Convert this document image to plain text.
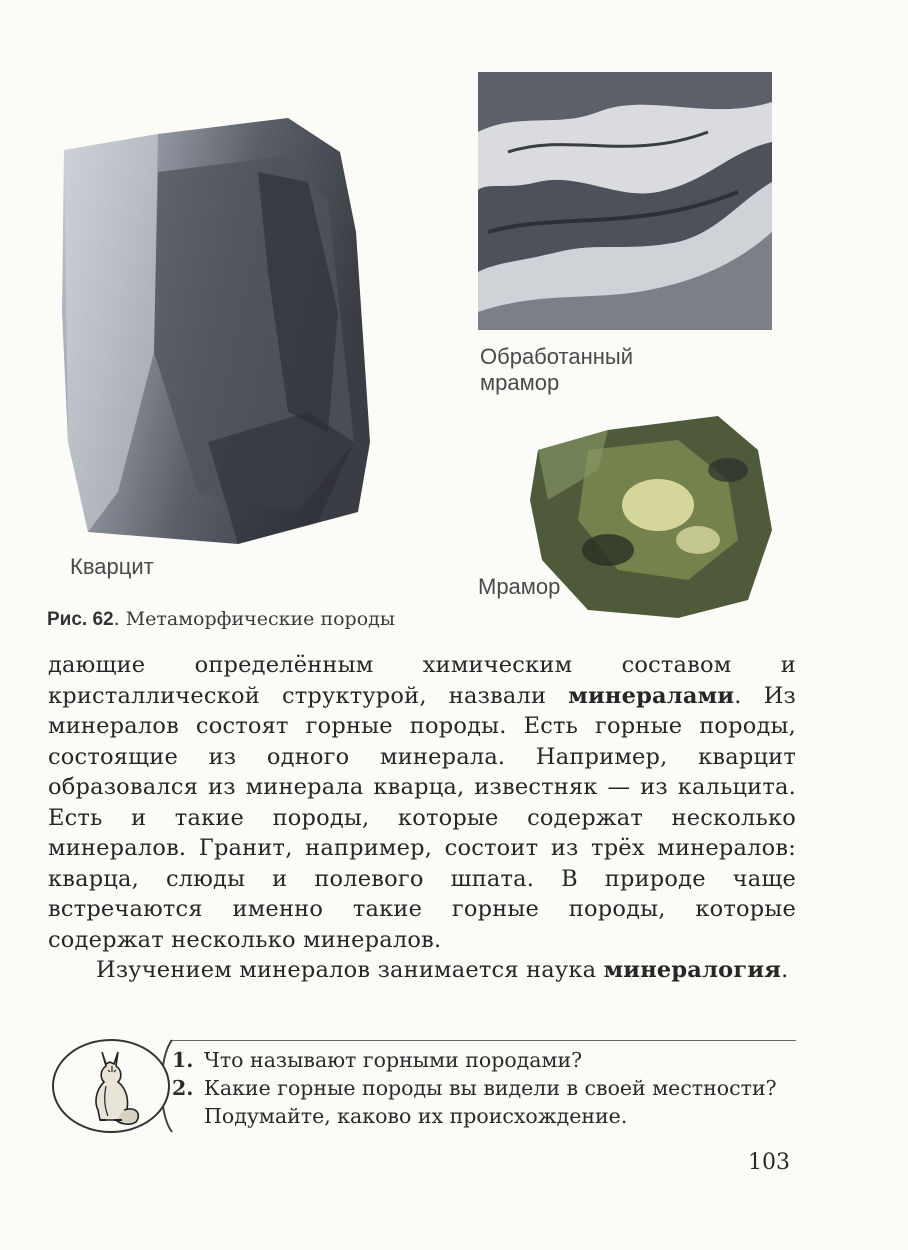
Кварцит
Обработанный мрамор
Мрамор
Рис. 62. Метаморфические породы

дающие определённым химическим составом и кристаллической структурой, назвали минералами. Из минералов состоят горные породы. Есть горные породы, состоящие из одного минерала. Например, кварцит образовался из минерала кварца, известняк — из кальцита. Есть и такие породы, которые содержат несколько минералов. Гранит, например, состоит из трёх минералов: кварца, слюды и полевого шпата. В природе чаще встречаются именно такие горные породы, которые содержат несколько минералов.

Изучением минералов занимается наука минералогия.

1. Что называют горными породами?
2. Какие горные породы вы видели в своей местности? Подумайте, каково их происхождение.
103
